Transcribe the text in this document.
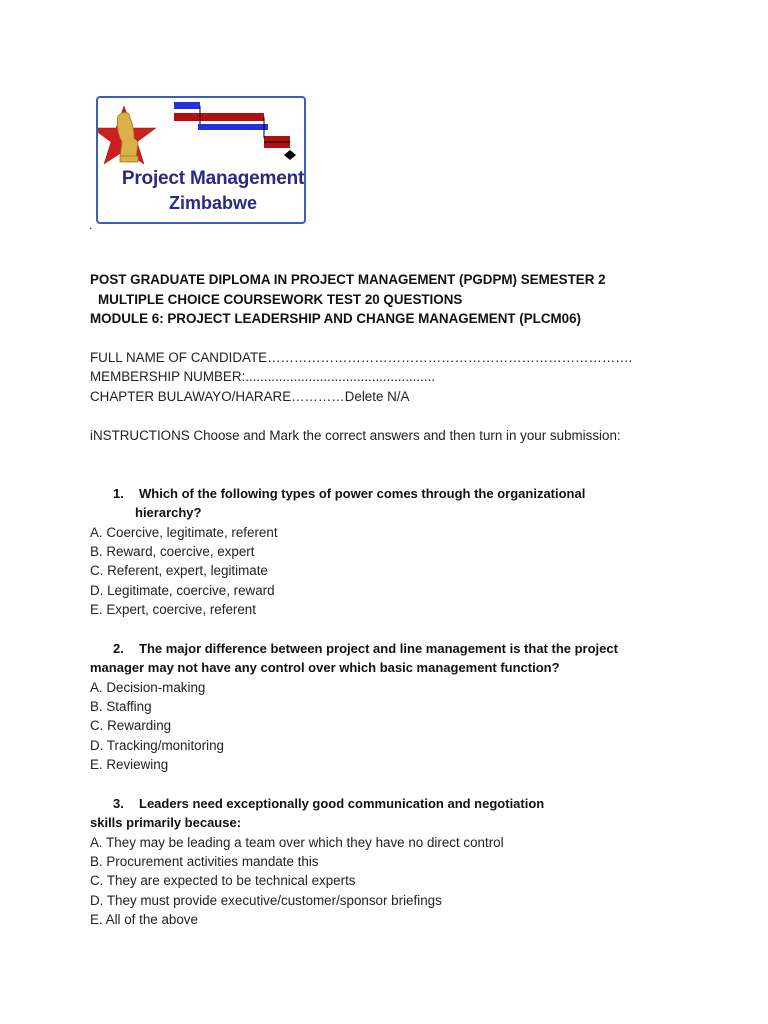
Project Management
Zimbabwe
.
POST GRADUATE DIPLOMA IN PROJECT MANAGEMENT (PGDPM) SEMESTER 2
MULTIPLE CHOICE COURSEWORK TEST 20 QUESTIONS
MODULE 6: PROJECT LEADERSHIP AND CHANGE MANAGEMENT (PLCM06)
FULL NAME OF CANDIDATE……………………………………………………………………….
MEMBERSHIP NUMBER:...................................................
CHAPTER BULAWAYO/HARARE…………Delete N/A
iNSTRUCTIONS Choose and Mark the correct answers and then turn in your submission:
1. Which of the following types of power comes through the organizational
hierarchy?
A. Coercive, legitimate, referent
B. Reward, coercive, expert
C. Referent, expert, legitimate
D. Legitimate, coercive, reward
E. Expert, coercive, referent
2. The major difference between project and line management is that the project
manager may not have any control over which basic management function?
A. Decision-making
B. Staffing
C. Rewarding
D. Tracking/monitoring
E. Reviewing
3. Leaders need exceptionally good communication and negotiation
skills primarily because:
A. They may be leading a team over which they have no direct control
B. Procurement activities mandate this
C. They are expected to be technical experts
D. They must provide executive/customer/sponsor briefings
E. All of the above
